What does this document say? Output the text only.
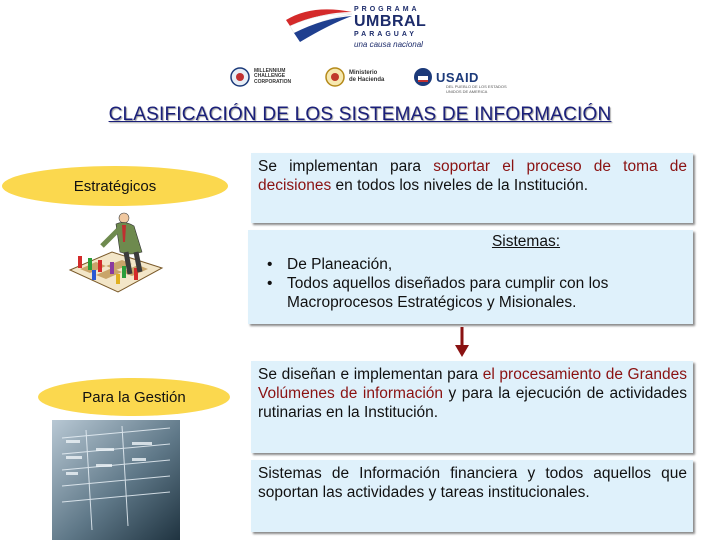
PROGRAMA
UMBRAL
PARAGUAY
una causa nacional
MILLENNIUM
CHALLENGE
CORPORATION
Ministerio
de Hacienda	USAID
DEL PUEBLO DE LOS ESTADOS
UNIDOS DE AMERICA
CLASIFICACIÓN DE LOS SISTEMAS DE INFORMACIÓN
Estratégicos
Para la Gestión
Se implementan para soportar el proceso de toma de decisiones en todos los niveles de la Institución.
Sistemas:
• De Planeación,
• Todos aquellos diseñados para cumplir con los Macroprocesos Estratégicos y Misionales.
Se diseñan e implementan para el procesamiento de Grandes Volúmenes de información y para la ejecución de actividades rutinarias en la Institución.
Sistemas de Información financiera y todos aquellos que soportan las actividades y tareas institucionales.
